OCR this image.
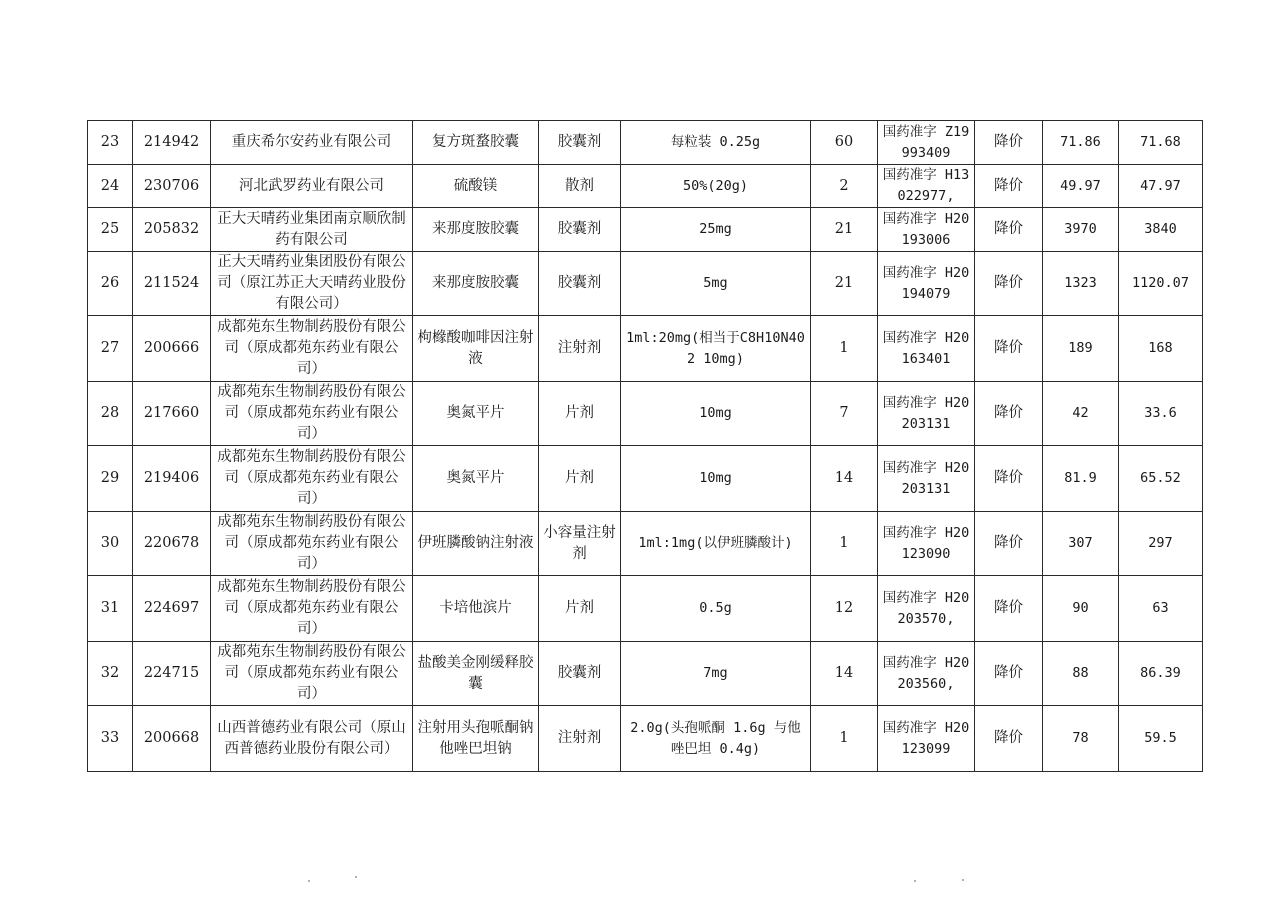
23	214942	重庆希尔安药业有限公司	复方斑蝥胶囊	胶囊剂	每粒装 0.25g	60	国药准字 Z19993409	降价	71.86	71.68
24	230706	河北武罗药业有限公司	硫酸镁	散剂	50%(20g)	2	国药准字 H13022977,	降价	49.97	47.97
25	205832	正大天晴药业集团南京顺欣制药有限公司	来那度胺胶囊	胶囊剂	25mg	21	国药准字 H20193006	降价	3970	3840
26	211524	正大天晴药业集团股份有限公司（原江苏正大天晴药业股份有限公司）	来那度胺胶囊	胶囊剂	5mg	21	国药准字 H20194079	降价	1323	1120.07
27	200666	成都苑东生物制药股份有限公司（原成都苑东药业有限公司）	枸橼酸咖啡因注射液	注射剂	1ml:20mg(相当于C8H10N402 10mg)	1	国药准字 H20163401	降价	189	168
28	217660	成都苑东生物制药股份有限公司（原成都苑东药业有限公司）	奥氮平片	片剂	10mg	7	国药准字 H20203131	降价	42	33.6
29	219406	成都苑东生物制药股份有限公司（原成都苑东药业有限公司）	奥氮平片	片剂	10mg	14	国药准字 H20203131	降价	81.9	65.52
30	220678	成都苑东生物制药股份有限公司（原成都苑东药业有限公司）	伊班膦酸钠注射液	小容量注射剂	1ml:1mg(以伊班膦酸计)	1	国药准字 H20123090	降价	307	297
31	224697	成都苑东生物制药股份有限公司（原成都苑东药业有限公司）	卡培他滨片	片剂	0.5g	12	国药准字 H20203570,	降价	90	63
32	224715	成都苑东生物制药股份有限公司（原成都苑东药业有限公司）	盐酸美金刚缓释胶囊	胶囊剂	7mg	14	国药准字 H20203560,	降价	88	86.39
33	200668	山西普德药业有限公司（原山西普德药业股份有限公司）	注射用头孢哌酮钠他唑巴坦钠	注射剂	2.0g(头孢哌酮 1.6g 与他唑巴坦 0.4g)	1	国药准字 H20123099	降价	78	59.5
